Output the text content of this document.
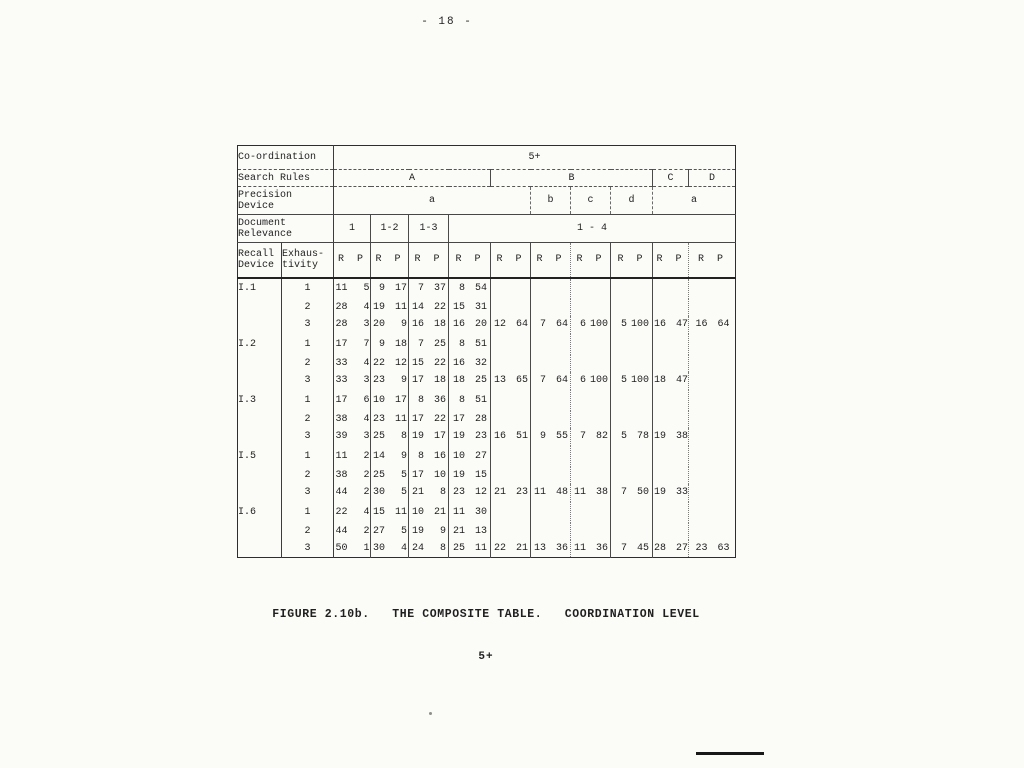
- 18 -
Co-ordination		5+									
Search Rules		A				B				C	D

Precision
Device		a					b	c	d	a	

Document
Relevance		1	1-2	1-3	1 - 4						

Recall
Device

Exhaus-
tivity	R	P	R	P	R	P	R	P	R	P	R	P	R	P	R	P	R	P	R	P

I.1	1	11 5	9 17	7 37	8 54						

	2	28 4	19 11	14 22	15 31						

	3	28 3	20 9	16 18	16 20	12 64	7 64	6 100	5 100	16 47	16 64

I.2	1	17 7	9 18	7 25	8 51						

	2	33 4	22 12	15 22	16 32						

	3	33 3	23 9	17 18	18 25	13 65	7 64	6 100	5 100	18 47	

I.3	1	17 6	10 17	8 36	8 51						

	2	38 4	23 11	17 22	17 28						

	3	39 3	25 8	19 17	19 23	16 51	9 55	7 82	5 78	19 38	

I.5	1	11 2	14 9	8 16	10 27						

	2	38 2	25 5	17 10	19 15						

	3	44 2	30 5	21 8	23 12	21 23	11 48	11 38	7 50	19 33	

I.6	1	22 4	15 11	10 21	11 30						

	2	44 2	27 5	19 9	21 13						

	3	50 1	30 4	24 8	25 11	22 21	13 36	11 36	7 45	28 27	23 63

FIGURE 2.10b.   THE COMPOSITE TABLE.   COORDINATION LEVEL

5+
